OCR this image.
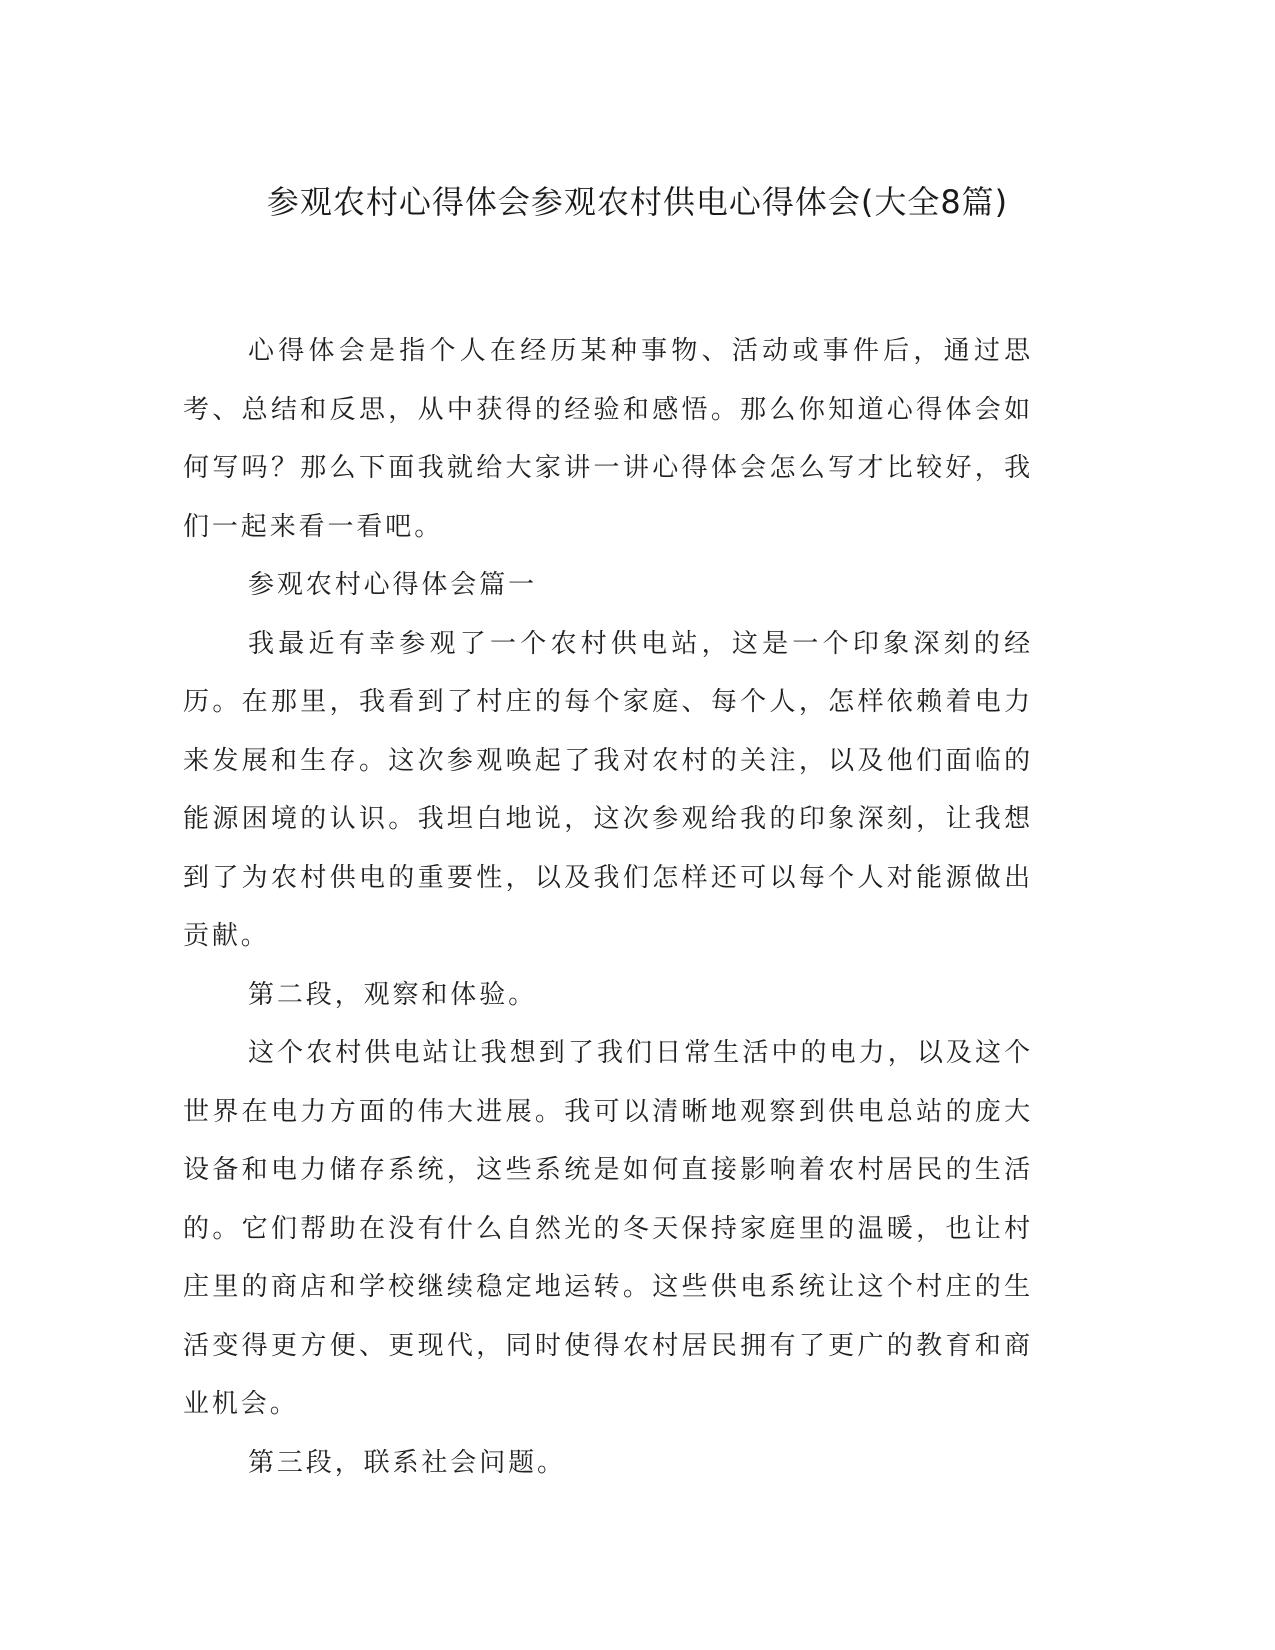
参观农村心得体会参观农村供电心得体会(大全8篇)

心得体会是指个人在经历某种事物、活动或事件后，通过思考、总结和反思，从中获得的经验和感悟。那么你知道心得体会如何写吗？那么下面我就给大家讲一讲心得体会怎么写才比较好，我们一起来看一看吧。

参观农村心得体会篇一

我最近有幸参观了一个农村供电站，这是一个印象深刻的经历。在那里，我看到了村庄的每个家庭、每个人，怎样依赖着电力来发展和生存。这次参观唤起了我对农村的关注，以及他们面临的能源困境的认识。我坦白地说，这次参观给我的印象深刻，让我想到了为农村供电的重要性，以及我们怎样还可以每个人对能源做出贡献。

第二段，观察和体验。

这个农村供电站让我想到了我们日常生活中的电力，以及这个世界在电力方面的伟大进展。我可以清晰地观察到供电总站的庞大设备和电力储存系统，这些系统是如何直接影响着农村居民的生活的。它们帮助在没有什么自然光的冬天保持家庭里的温暖，也让村庄里的商店和学校继续稳定地运转。这些供电系统让这个村庄的生活变得更方便、更现代，同时使得农村居民拥有了更广的教育和商业机会。

第三段，联系社会问题。
